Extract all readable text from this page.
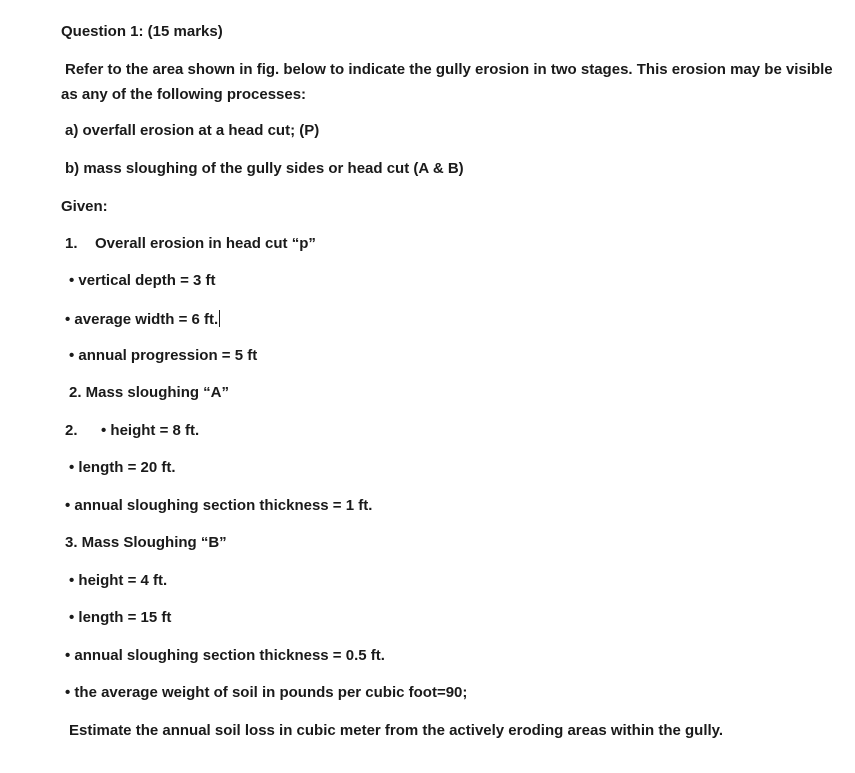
Question 1: (15 marks)
Refer to the area shown in fig. below to indicate the gully erosion in two stages. This erosion may be visible as any of the following processes:
a) overfall erosion at a head cut; (P)
b) mass sloughing of the gully sides or head cut (A & B)
Given:
1. Overall erosion in head cut “p”
• vertical depth = 3 ft
• average width = 6 ft.
• annual progression = 5 ft
2. Mass sloughing “A”
2. • height = 8 ft.
• length = 20 ft.
• annual sloughing section thickness = 1 ft.
3. Mass Sloughing “B”
• height = 4 ft.
• length = 15 ft
• annual sloughing section thickness = 0.5 ft.
• the average weight of soil in pounds per cubic foot=90;
Estimate the annual soil loss in cubic meter from the actively eroding areas within the gully.
